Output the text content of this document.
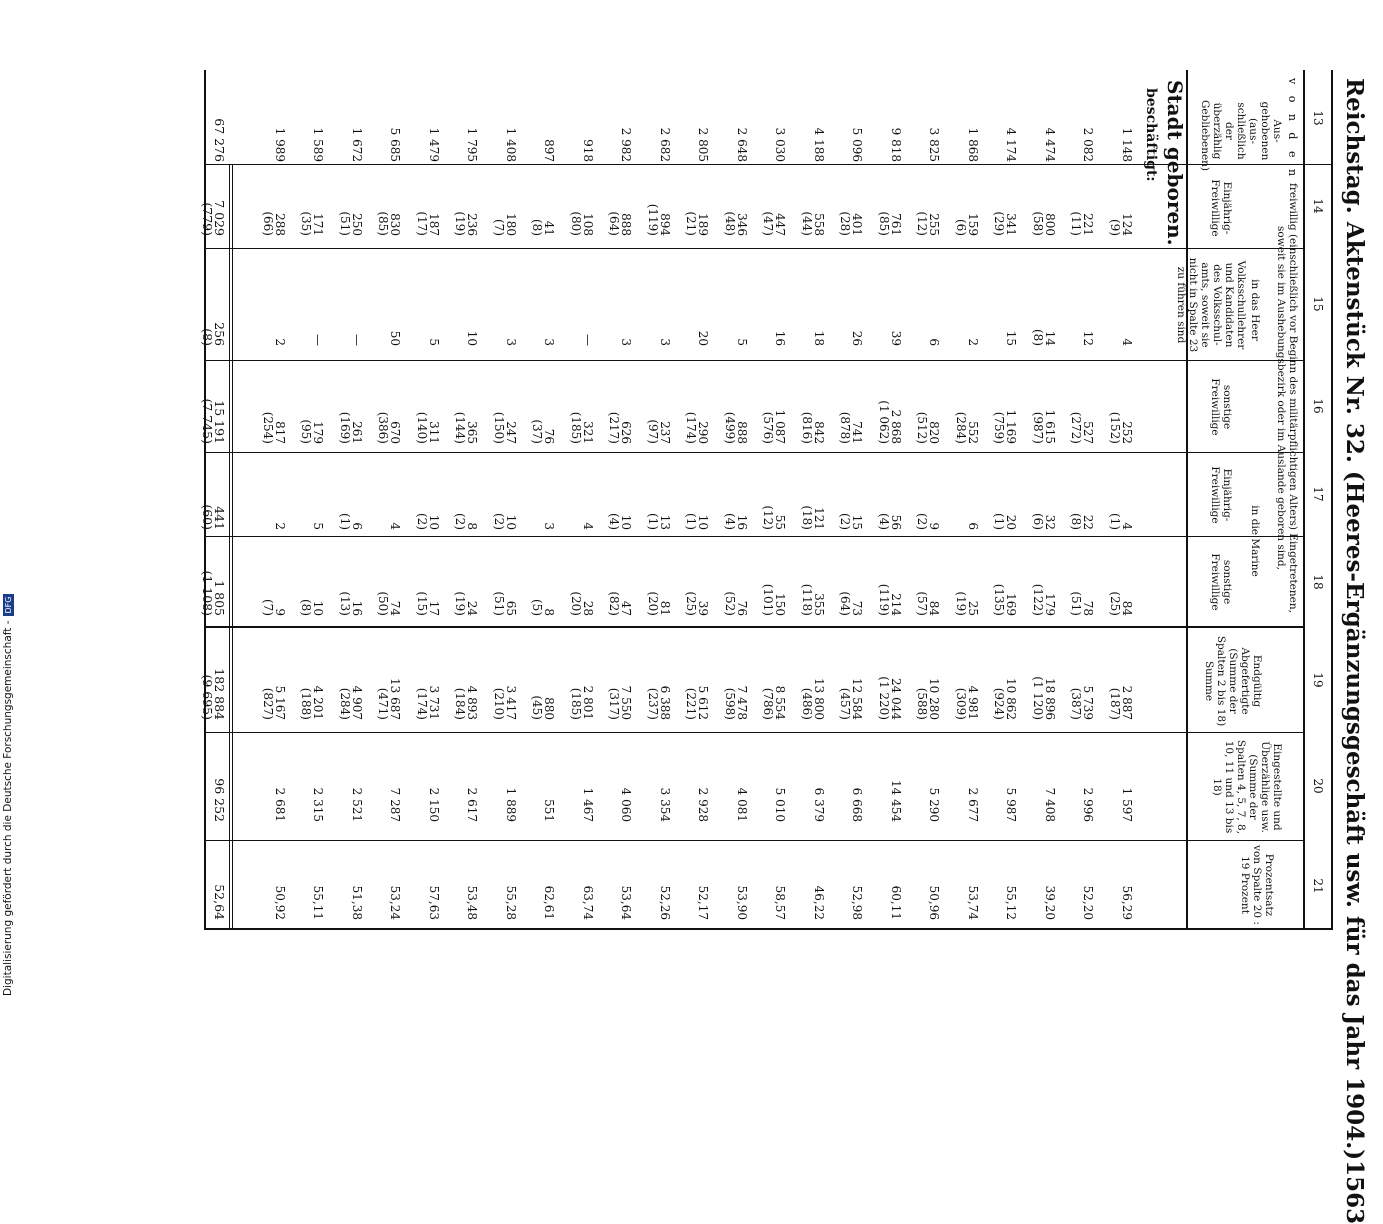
Reichstag. Aktenstück Nr. 32. (Heeres-Ergänzungsgeschäft usw. für das Jahr 1904.)
1563
13
14
15
16
17
18
19
20
21
v o n d e n
Ausgehobenen (ausschließlich der überzählig Gebliebenen)
freiwillig (einschließlich vor Beginn des militärpflichtigen Alters) Eingetretenen, soweit sie im Aushebungsbezirk oder im Auslande geboren sind,
in das Heer
in die Marine
Einjährig-Freiwillige
Volksschullehrer und Kandidaten des Volksschulamts, soweit sie nicht in Spalte 23 zu führen sind
sonstige Freiwillige
Einjährig-Freiwillige
sonstige Freiwillige
Endgültig Abgefertigte (Summe der Spalten 2 bis 18) Summe
Eingestellte und Überzählige usw. (Summe der Spalten 4, 5, 7, 8, 10, 11 und 13 bis 18)
Prozentsatz von Spalte 20 : 19 Prozent
Stadt geboren.
beschäftigt:
1 148
124
(9)
4
252
(152)
4
(1)
84
(25)
2 887
(187)
1 597
56,29
2 082
221
(11)
12
527
(272)
22
(8)
78
(51)
5 739
(387)
2 996
52,20
4 474
800
(58)
14
(8)
1 615
(987)
32
(6)
179
(122)
18 896
(1 120)
7 408
39,20
4 174
341
(29)
15
1 169
(759)
20
(1)
169
(135)
10 862
(924)
5 987
55,12
1 868
159
(6)
2
552
(284)
6
25
(19)
4 981
(309)
2 677
53,74
3 825
255
(12)
6
820
(512)
9
(2)
84
(57)
10 280
(588)
5 290
50,96
9 818
761
(85)
39
2 868
(1 062)
56
(4)
214
(119)
24 044
(1 220)
14 454
60,11
5 096
401
(28)
26
741
(878)
15
(2)
73
(64)
12 584
(457)
6 668
52,98
4 188
558
(44)
18
842
(816)
121
(18)
355
(118)
13 800
(486)
6 379
46,22
3 030
447
(47)
16
1 087
(576)
55
(12)
150
(101)
8 554
(786)
5 010
58,57
2 648
346
(48)
5
888
(499)
16
(4)
76
(52)
7 478
(598)
4 081
53,90
2 805
189
(21)
20
290
(174)
10
(1)
39
(25)
5 612
(221)
2 928
52,17
2 682
894
(119)
3
237
(97)
13
(1)
81
(20)
6 388
(237)
3 354
52,26
2 982
888
(64)
3
626
(217)
10
(4)
47
(82)
7 550
(317)
4 060
53,64
918
108
(80)
—
321
(185)
4
28
(20)
2 801
(185)
1 467
63,74
897
41
(8)
3
76
(37)
3
8
(5)
880
(45)
551
62,61
1 408
180
(7)
3
247
(150)
10
(2)
65
(51)
3 417
(210)
1 889
55,28
1 795
236
(19)
10
365
(144)
8
(2)
24
(19)
4 893
(184)
2 617
53,48
1 479
187
(17)
5
311
(140)
10
(2)
17
(15)
3 731
(174)
2 150
57,63
5 685
830
(85)
50
670
(386)
4
74
(50)
13 687
(471)
7 287
53,24
1 672
250
(51)
—
261
(169)
6
(1)
16
(13)
4 907
(284)
2 521
51,38
1 589
171
(35)
—
179
(95)
5
10
(8)
4 201
(188)
2 315
55,11
1 989
288
(66)
2
817
(254)
2
9
(7)
5 167
(827)
2 681
50,92
67 276
7 029
(779)
256
(8)
15 191
(7 745)
441
(60)
1 805
(1 108)
182 884
(9 695)
96 252
52,64
Digitalisierung gefördert durch die Deutsche Forschungsgemeinschaft -DFG
